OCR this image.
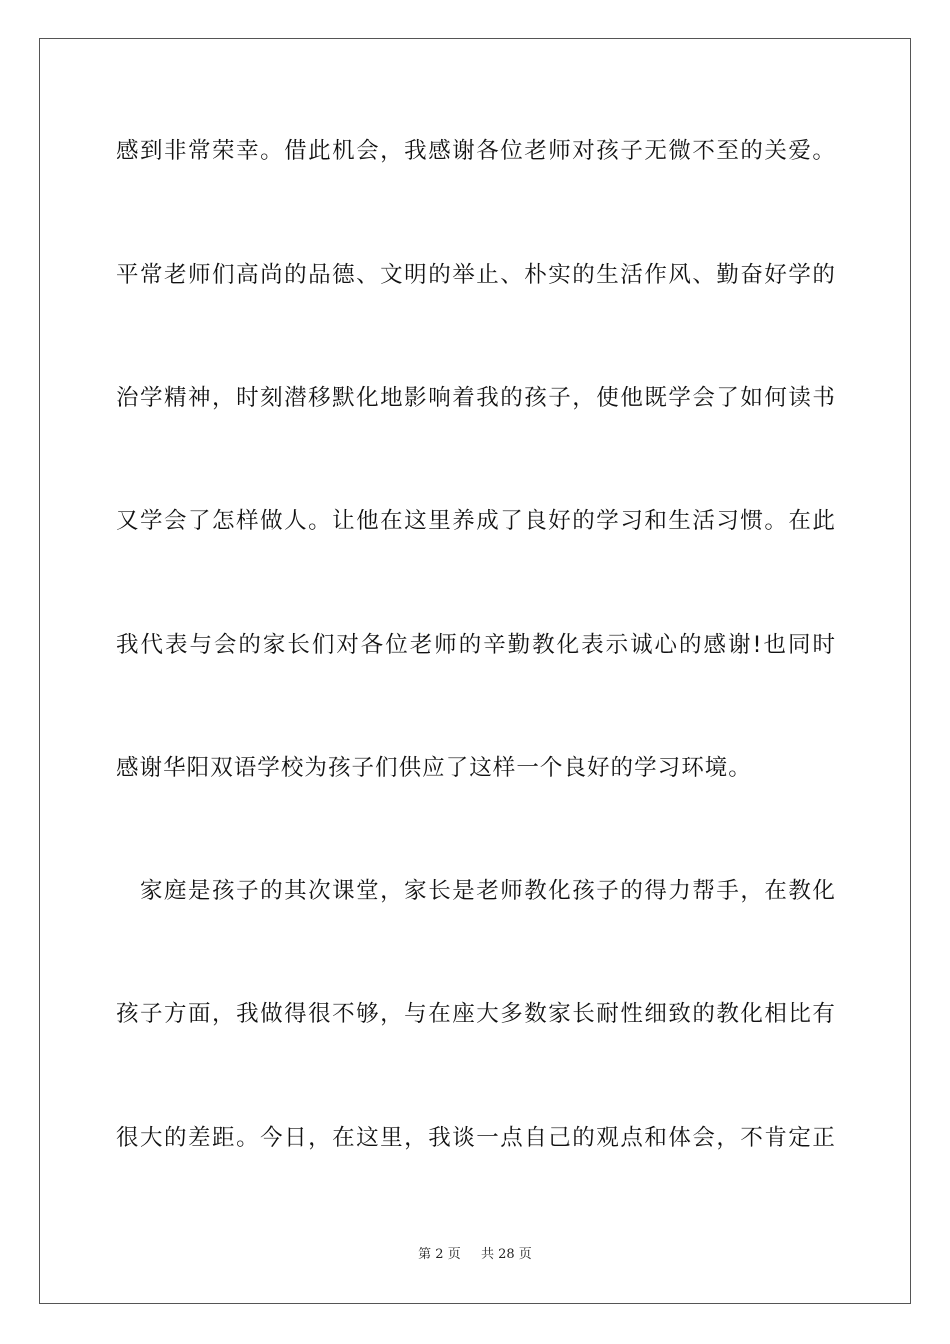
感到非常荣幸。借此机会，我感谢各位老师对孩子无微不至的关爱。
平常老师们高尚的品德、文明的举止、朴实的生活作风、勤奋好学的
治学精神，时刻潜移默化地影响着我的孩子，使他既学会了如何读书
又学会了怎样做人。让他在这里养成了良好的学习和生活习惯。在此
我代表与会的家长们对各位老师的辛勤教化表示诚心的感谢!也同时
感谢华阳双语学校为孩子们供应了这样一个良好的学习环境。
　家庭是孩子的其次课堂，家长是老师教化孩子的得力帮手，在教化
孩子方面，我做得很不够，与在座大多数家长耐性细致的教化相比有
很大的差距。今日，在这里，我谈一点自己的观点和体会，不肯定正
第 2 页 共 28 页
